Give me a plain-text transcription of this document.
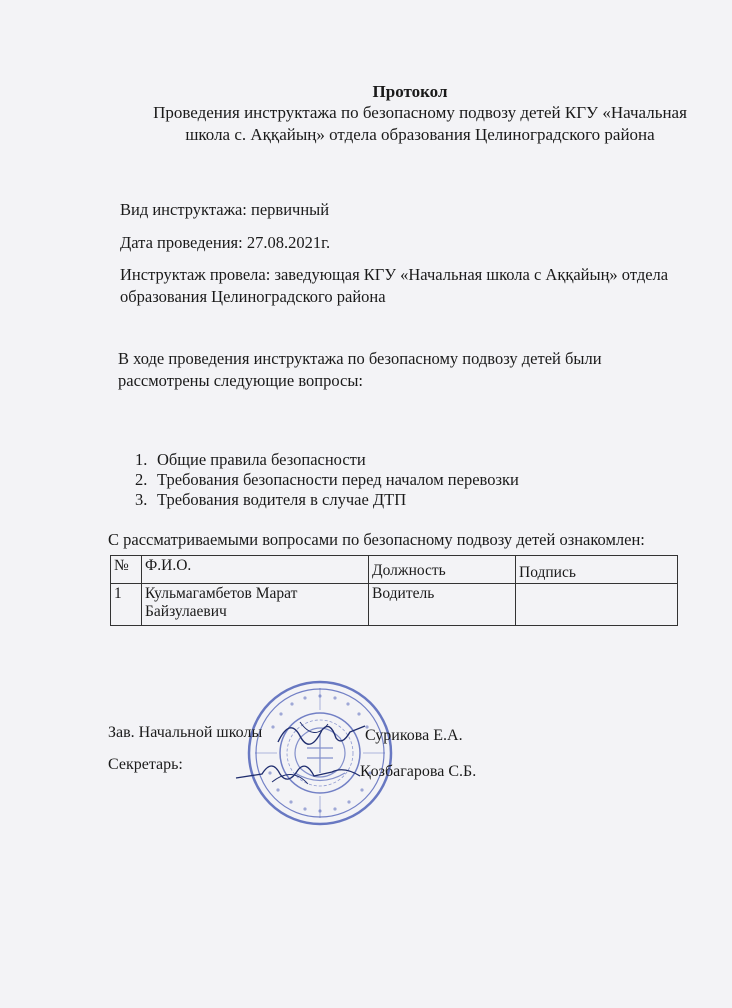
Протокол
Проведения инструктажа по безопасному подвозу детей КГУ «Начальная
школа с. Аққайың» отдела образования Целиноградского района
Вид инструктажа: первичный
Дата проведения: 27.08.2021г.
Инструктаж провела: заведующая КГУ «Начальная школа с Аққайың» отдела
образования Целиноградского района
В ходе проведения инструктажа по безопасному подвозу детей были
рассмотрены следующие вопросы:
1. Общие правила безопасности
2. Требования безопасности перед началом перевозки
3. Требования водителя в случае ДТП
С рассматриваемыми вопросами по безопасному подвозу детей ознакомлен:
№	Ф.И.О.	Должность	Подпись
1	Кульмагамбетов Марат
Байзулаевич	Водитель	
Зав. Начальной школы	Сурикова Е.А.
Секретарь:	Қозбагарова С.Б.
